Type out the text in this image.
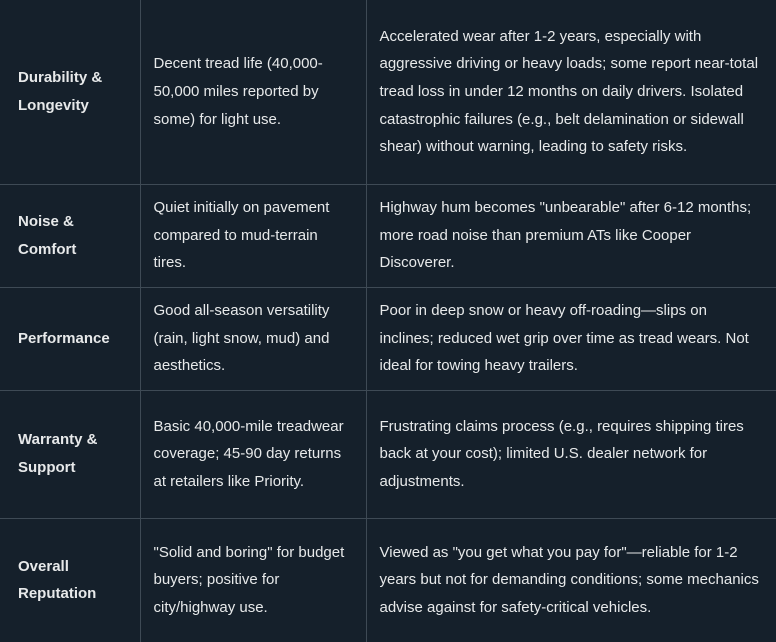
Durability & Longevity	Decent tread life (40,000-50,000 miles reported by some) for light use.	Accelerated wear after 1-2 years, especially with aggressive driving or heavy loads; some report near-total tread loss in under 12 months on daily drivers. Isolated catastrophic failures (e.g., belt delamination or sidewall shear) without warning, leading to safety risks.
Noise & Comfort	Quiet initially on pavement compared to mud-terrain tires.	Highway hum becomes "unbearable" after 6-12 months; more road noise than premium ATs like Cooper Discoverer.
Performance	Good all-season versatility (rain, light snow, mud) and aesthetics.	Poor in deep snow or heavy off-roading—slips on inclines; reduced wet grip over time as tread wears. Not ideal for towing heavy trailers.
Warranty & Support	Basic 40,000-mile treadwear coverage; 45-90 day returns at retailers like Priority.	Frustrating claims process (e.g., requires shipping tires back at your cost); limited U.S. dealer network for adjustments.
Overall Reputation	"Solid and boring" for budget buyers; positive for city/highway use.	Viewed as "you get what you pay for"—reliable for 1-2 years but not for demanding conditions; some mechanics advise against for safety-critical vehicles.
